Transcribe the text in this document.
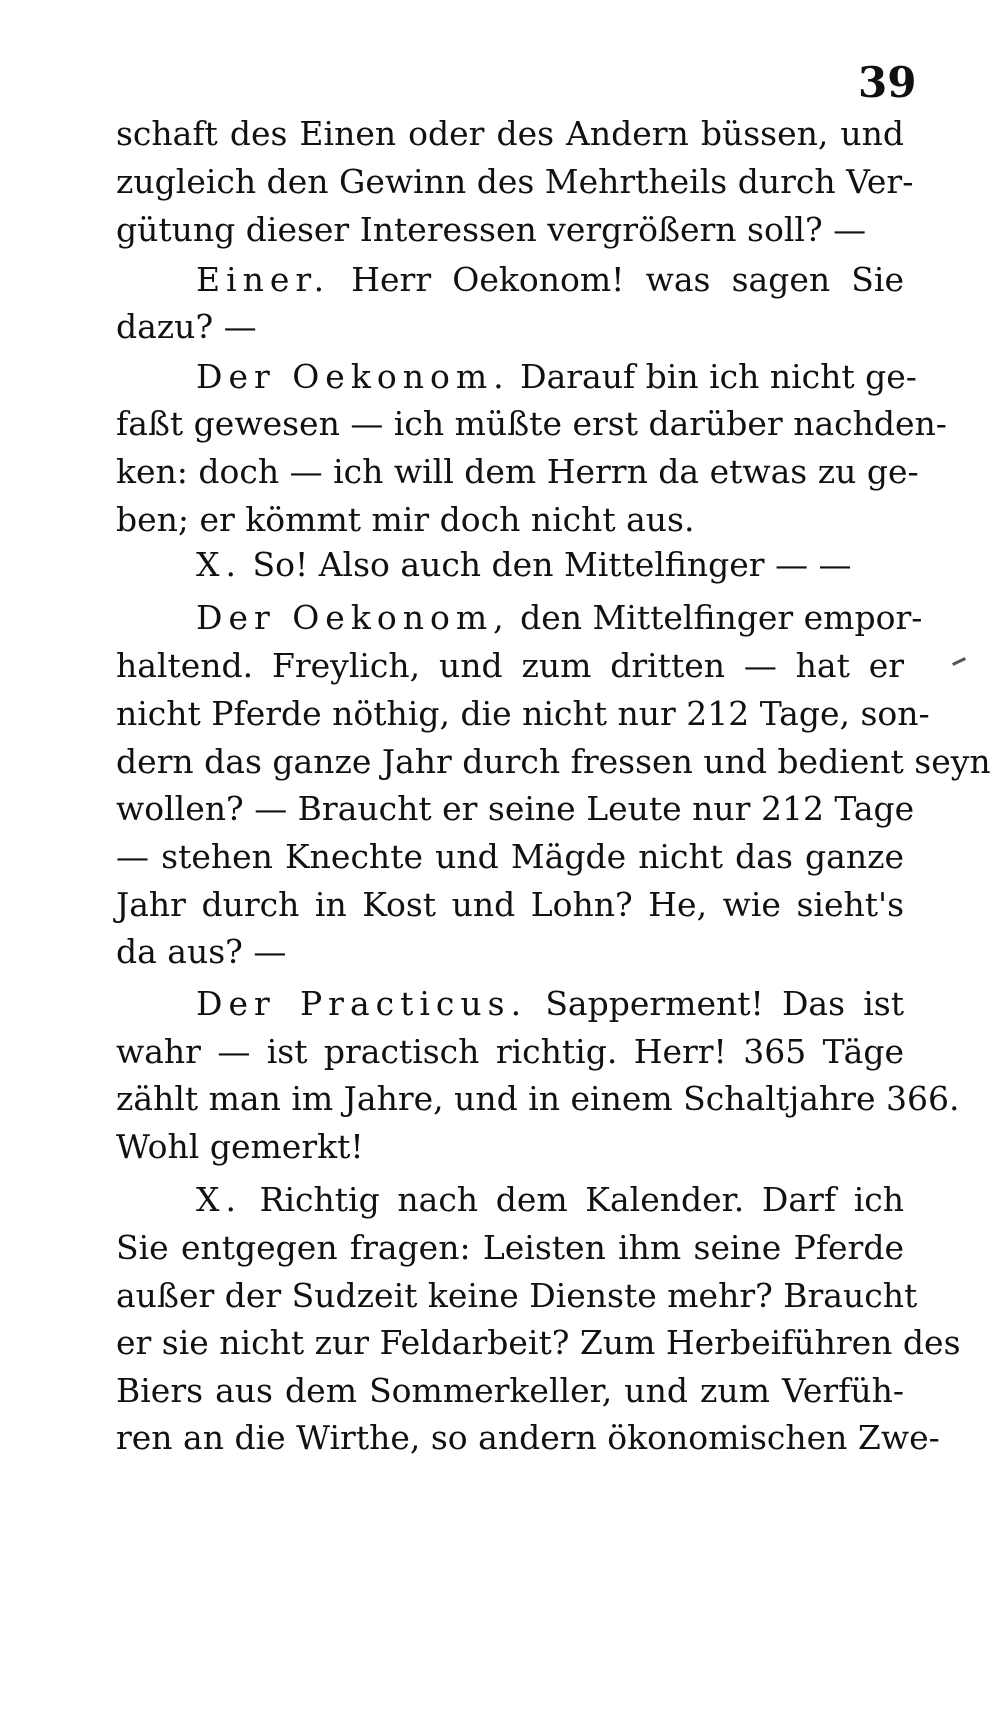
39
schaft des Einen oder des Andern büssen, und
zugleich den Gewinn des Mehrtheils durch Ver-
gütung dieser Interessen vergrößern soll? —
Einer. Herr Oekonom! was sagen Sie
dazu? —
Der Oekonom. Darauf bin ich nicht ge-
faßt gewesen — ich müßte erst darüber nachden-
ken: doch — ich will dem Herrn da etwas zu ge-
ben; er kömmt mir doch nicht aus.
X. So! Also auch den Mittelfinger — —
Der Oekonom, den Mittelfinger empor-
haltend. Freylich, und zum dritten — hat er
nicht Pferde nöthig, die nicht nur 212 Tage, son-
dern das ganze Jahr durch fressen und bedient seyn
wollen? — Braucht er seine Leute nur 212 Tage
— stehen Knechte und Mägde nicht das ganze
Jahr durch in Kost und Lohn? He, wie sieht's
da aus? —
Der Practicus. Sapperment! Das ist
wahr — ist practisch richtig. Herr! 365 Täge
zählt man im Jahre, und in einem Schaltjahre 366.
Wohl gemerkt!
X. Richtig nach dem Kalender. Darf ich
Sie entgegen fragen: Leisten ihm seine Pferde
außer der Sudzeit keine Dienste mehr? Braucht
er sie nicht zur Feldarbeit? Zum Herbeiführen des
Biers aus dem Sommerkeller, und zum Verfüh-
ren an die Wirthe, so andern ökonomischen Zwe-
